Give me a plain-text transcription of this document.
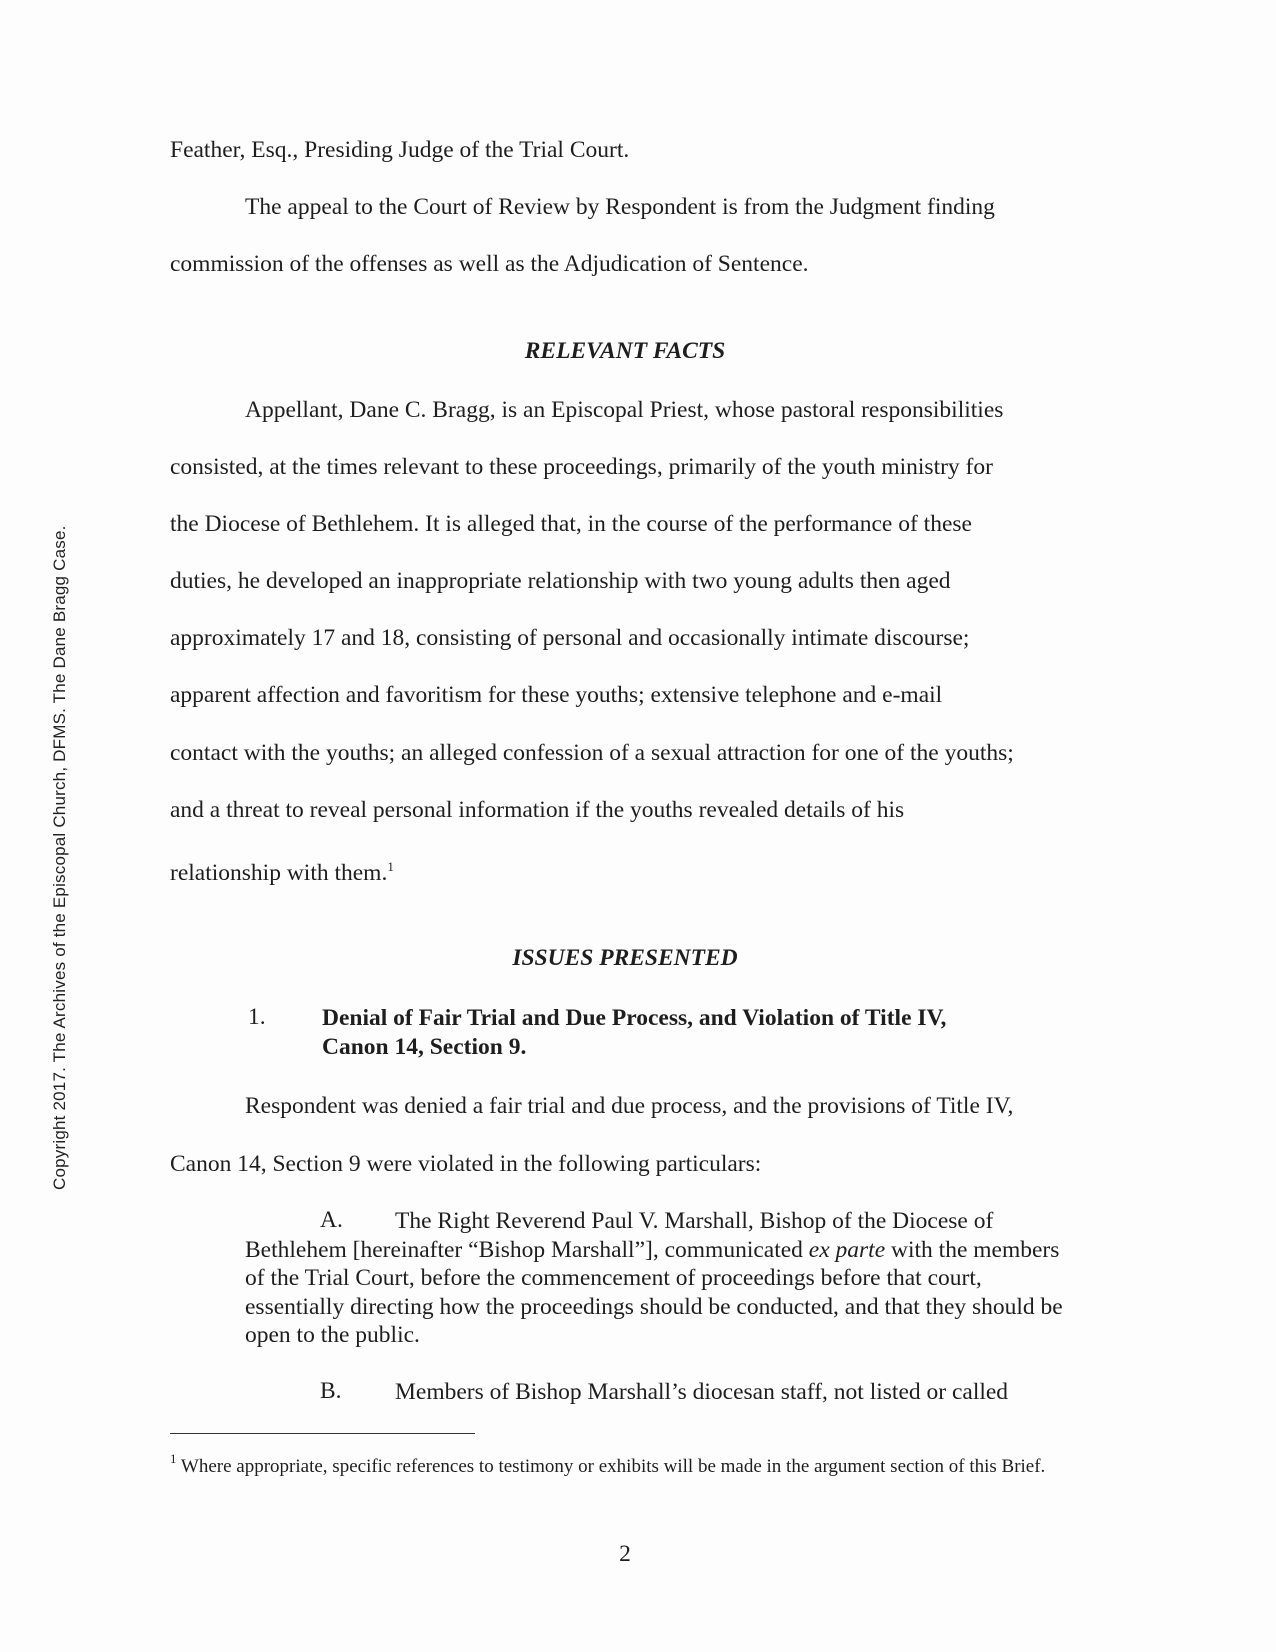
Copyright 2017. The Archives of the Episcopal Church, DFMS. The Dane Bragg Case.
Feather, Esq., Presiding Judge of the Trial Court.
The appeal to the Court of Review by Respondent is from the Judgment finding
commission of the offenses as well as the Adjudication of Sentence.
RELEVANT FACTS
Appellant, Dane C. Bragg, is an Episcopal Priest, whose pastoral responsibilities
consisted, at the times relevant to these proceedings, primarily of the youth ministry for
the Diocese of Bethlehem. It is alleged that, in the course of the performance of these
duties, he developed an inappropriate relationship with two young adults then aged
approximately 17 and 18, consisting of personal and occasionally intimate discourse;
apparent affection and favoritism for these youths; extensive telephone and e-mail
contact with the youths; an alleged confession of a sexual attraction for one of the youths;
and a threat to reveal personal information if the youths revealed details of his
relationship with them.$^1$
ISSUES PRESENTED
1. Denial of Fair Trial and Due Process, and Violation of Title IV,
Canon 14, Section 9.
Respondent was denied a fair trial and due process, and the provisions of Title IV,
Canon 14, Section 9 were violated in the following particulars:
A.	The Right Reverend Paul V. Marshall, Bishop of the Diocese of Bethlehem [hereinafter “Bishop Marshall”], communicated ex parte with the members of the Trial Court, before the commencement of proceedings before that court, essentially directing how the proceedings should be conducted, and that they should be open to the public.
B. Members of Bishop Marshall’s diocesan staff, not listed or called
$^1$ Where appropriate, specific references to testimony or exhibits will be made in the argument section of this Brief.
2
